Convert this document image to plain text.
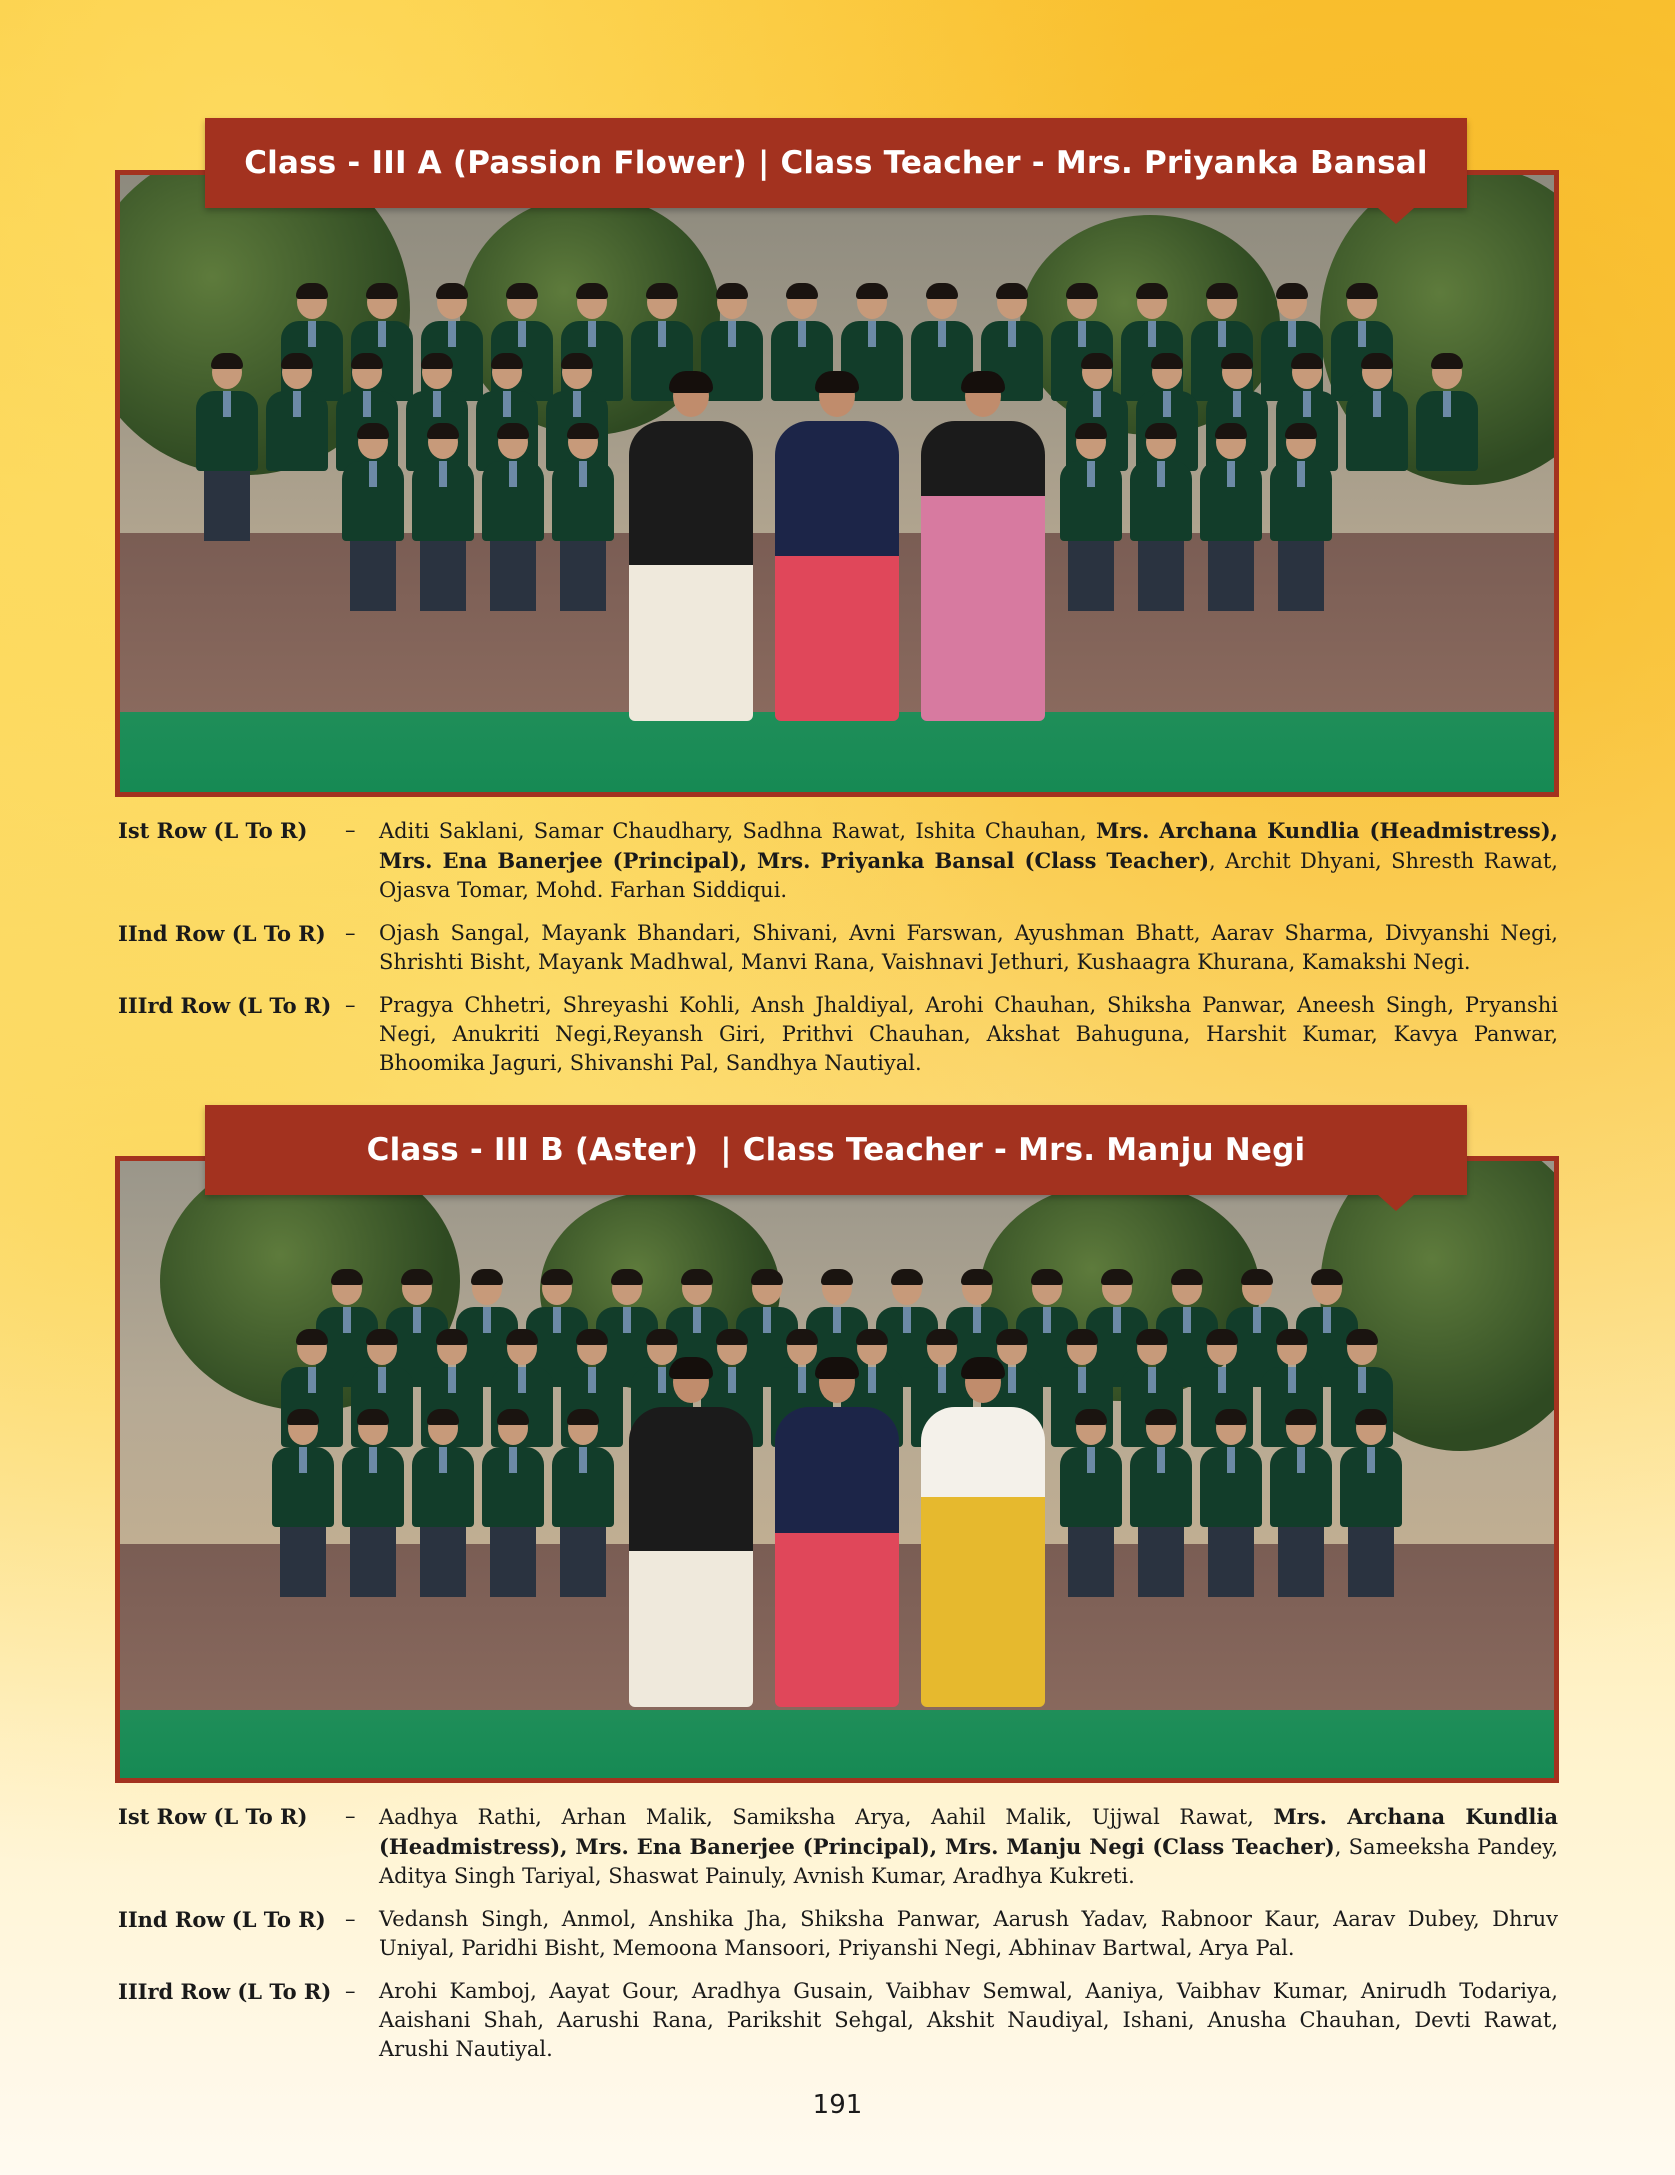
Class - III A (Passion Flower) | Class Teacher - Mrs. Priyanka Bansal
Ist Row (L To R)	– Aditi Saklani, Samar Chaudhary, Sadhna Rawat, Ishita Chauhan, Mrs. Archana Kundlia (Headmistress), Mrs. Ena Banerjee (Principal), Mrs. Priyanka Bansal (Class Teacher), Archit Dhyani, Shresth Rawat, Ojasva Tomar, Mohd. Farhan Siddiqui.
IInd Row (L To R) – Ojash Sangal, Mayank Bhandari, Shivani, Avni Farswan, Ayushman Bhatt, Aarav Sharma, Divyanshi Negi, Shrishti Bisht, Mayank Madhwal, Manvi Rana, Vaishnavi Jethuri, Kushaagra Khurana, Kamakshi Negi.
IIIrd Row (L To R) – Pragya Chhetri, Shreyashi Kohli, Ansh Jhaldiyal, Arohi Chauhan, Shiksha Panwar, Aneesh Singh, Pryanshi Negi, Anukriti Negi,Reyansh Giri, Prithvi Chauhan, Akshat Bahuguna, Harshit Kumar, Kavya Panwar, Bhoomika Jaguri, Shivanshi Pal, Sandhya Nautiyal.
Class - III B (Aster)  | Class Teacher - Mrs. Manju Negi
Ist Row (L To R)	– Aadhya Rathi, Arhan Malik, Samiksha Arya, Aahil Malik, Ujjwal Rawat, Mrs. Archana Kundlia (Headmistress), Mrs. Ena Banerjee (Principal), Mrs. Manju Negi (Class Teacher), Sameeksha Pandey, Aditya Singh Tariyal, Shaswat Painuly, Avnish Kumar, Aradhya Kukreti.
IInd Row (L To R) – Vedansh Singh, Anmol, Anshika Jha, Shiksha Panwar, Aarush Yadav, Rabnoor Kaur, Aarav Dubey, Dhruv Uniyal, Paridhi Bisht, Memoona Mansoori, Priyanshi Negi, Abhinav Bartwal, Arya Pal.
IIIrd Row (L To R) – Arohi Kamboj, Aayat Gour, Aradhya Gusain, Vaibhav Semwal, Aaniya, Vaibhav Kumar, Anirudh Todariya, Aaishani Shah, Aarushi Rana, Parikshit Sehgal, Akshit Naudiyal, Ishani, Anusha Chauhan, Devti Rawat, Arushi Nautiyal.
191
